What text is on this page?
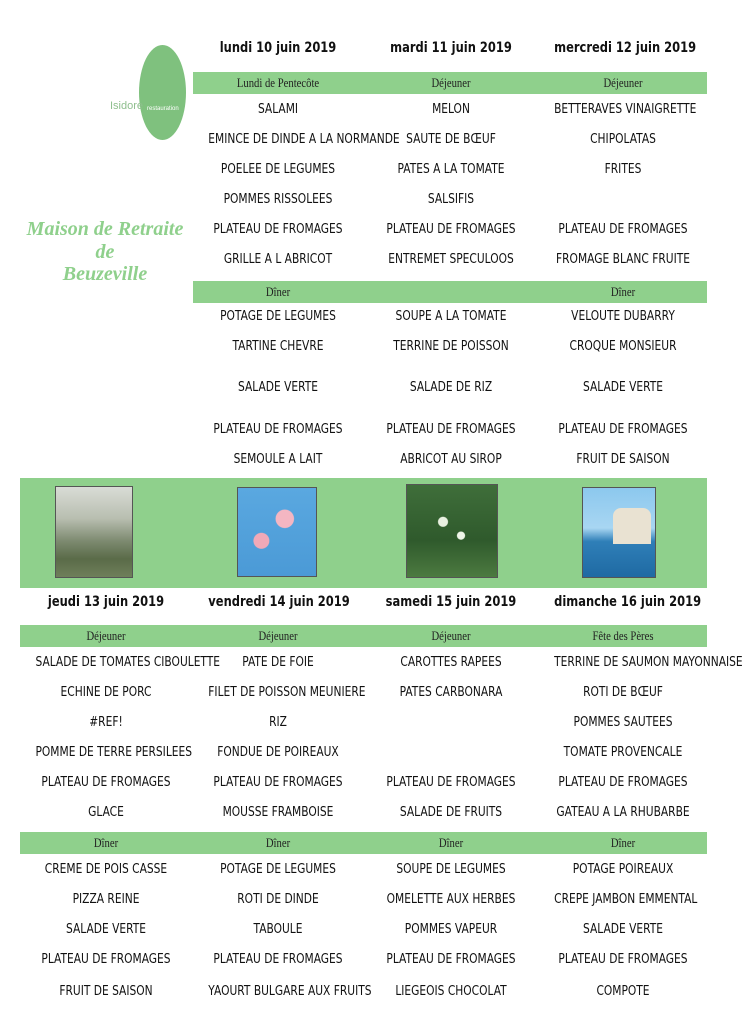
Isidore restauration
Maison de Retraite de
Beuzeville
lundi 10 juin 2019
Lundi de Pentecôte
Dîner
SALAMI
EMINCE DE DINDE A LA NORMANDE
POELEE DE LEGUMES
POMMES RISSOLEES
PLATEAU DE FROMAGES
GRILLE A L ABRICOT
POTAGE DE LEGUMES
TARTINE CHEVRE
SALADE VERTE
PLATEAU DE FROMAGES
SEMOULE A LAIT
mardi 11 juin 2019
Déjeuner
MELON
SAUTE DE BŒUF
PATES A LA TOMATE
SALSIFIS
PLATEAU DE FROMAGES
ENTREMET SPECULOOS
SOUPE A LA TOMATE
TERRINE DE POISSON
SALADE DE RIZ
PLATEAU DE FROMAGES
ABRICOT AU SIROP
mercredi 12 juin 2019
Déjeuner
Dîner
BETTERAVES VINAIGRETTE
CHIPOLATAS
FRITES
PLATEAU DE FROMAGES
FROMAGE BLANC FRUITE
VELOUTE DUBARRY
CROQUE MONSIEUR
SALADE VERTE
PLATEAU DE FROMAGES
FRUIT DE SAISON
jeudi 13 juin 2019
Déjeuner
Dîner
SALADE DE TOMATES CIBOULETTE
ECHINE DE PORC
#REF!
POMME DE TERRE PERSILEES
PLATEAU DE FROMAGES
GLACE
CREME DE POIS CASSE
PIZZA REINE
SALADE VERTE
PLATEAU DE FROMAGES
FRUIT DE SAISON
vendredi 14 juin 2019
Déjeuner
Dîner
PATE DE FOIE
FILET DE POISSON MEUNIERE
RIZ
FONDUE DE POIREAUX
PLATEAU DE FROMAGES
MOUSSE FRAMBOISE
POTAGE DE LEGUMES
ROTI DE DINDE
TABOULE
PLATEAU DE FROMAGES
YAOURT BULGARE AUX FRUITS
samedi 15 juin 2019
Déjeuner
Dîner
CAROTTES RAPEES
PATES CARBONARA
PLATEAU DE FROMAGES
SALADE DE FRUITS
SOUPE DE LEGUMES
OMELETTE AUX HERBES
POMMES VAPEUR
PLATEAU DE FROMAGES
LIEGEOIS CHOCOLAT
dimanche 16 juin 2019
Fête des Pères
Dîner
TERRINE DE SAUMON MAYONNAISE
ROTI DE BŒUF
POMMES SAUTEES
TOMATE PROVENCALE
PLATEAU DE FROMAGES
GATEAU A LA RHUBARBE
POTAGE POIREAUX
CREPE JAMBON EMMENTAL
SALADE VERTE
PLATEAU DE FROMAGES
COMPOTE
